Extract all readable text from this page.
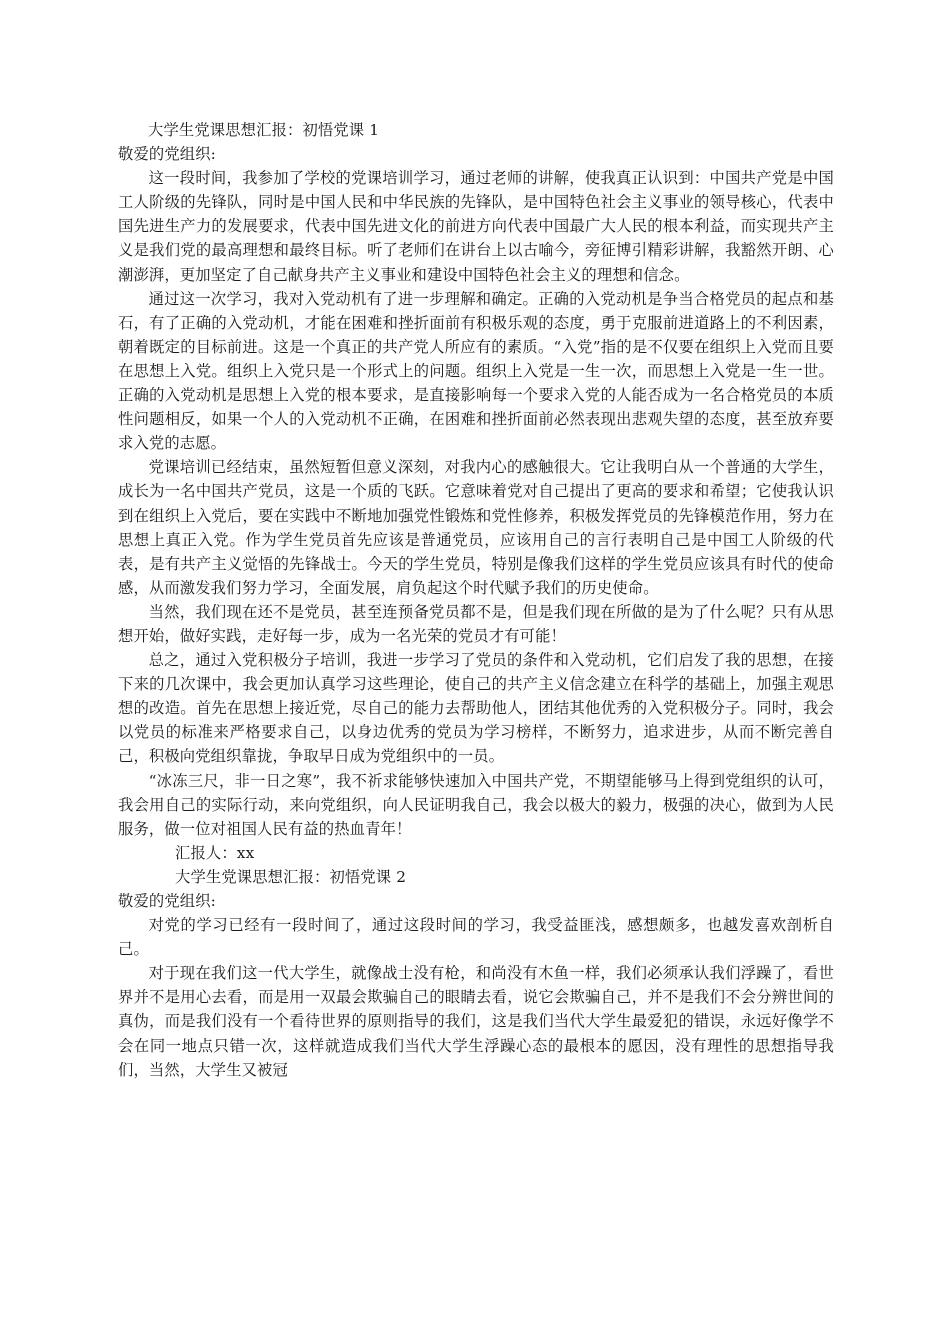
大学生党课思想汇报：初悟党课 1

敬爱的党组织:

这一段时间，我参加了学校的党课培训学习，通过老师的讲解，使我真正认识到：中国共产党是中国工人阶级的先锋队，同时是中国人民和中华民族的先锋队，是中国特色社会主义事业的领导核心，代表中国先进生产力的发展要求，代表中国先进文化的前进方向代表中国最广大人民的根本利益，而实现共产主义是我们党的最高理想和最终目标。听了老师们在讲台上以古喻今，旁征博引精彩讲解，我豁然开朗、心潮澎湃，更加坚定了自己献身共产主义事业和建设中国特色社会主义的理想和信念。

通过这一次学习，我对入党动机有了进一步理解和确定。正确的入党动机是争当合格党员的起点和基石，有了正确的入党动机，才能在困难和挫折面前有积极乐观的态度，勇于克服前进道路上的不利因素，朝着既定的目标前进。这是一个真正的共产党人所应有的素质。“入党”指的是不仅要在组织上入党而且要在思想上入党。组织上入党只是一个形式上的问题。组织上入党是一生一次，而思想上入党是一生一世。正确的入党动机是思想上入党的根本要求，是直接影响每一个要求入党的人能否成为一名合格党员的本质性问题相反，如果一个人的入党动机不正确，在困难和挫折面前必然表现出悲观失望的态度，甚至放弃要求入党的志愿。

党课培训已经结束，虽然短暂但意义深刻，对我内心的感触很大。它让我明白从一个普通的大学生，成长为一名中国共产党员，这是一个质的飞跃。它意味着党对自己提出了更高的要求和希望；它使我认识到在组织上入党后，要在实践中不断地加强党性锻炼和党性修养，积极发挥党员的先锋模范作用，努力在思想上真正入党。作为学生党员首先应该是普通党员，应该用自己的言行表明自己是中国工人阶级的代表，是有共产主义觉悟的先锋战士。今天的学生党员，特别是像我们这样的学生党员应该具有时代的使命感，从而激发我们努力学习，全面发展，肩负起这个时代赋予我们的历史使命。

当然，我们现在还不是党员，甚至连预备党员都不是，但是我们现在所做的是为了什么呢？只有从思想开始，做好实践，走好每一步，成为一名光荣的党员才有可能！

总之，通过入党积极分子培训，我进一步学习了党员的条件和入党动机，它们启发了我的思想，在接下来的几次课中，我会更加认真学习这些理论，使自己的共产主义信念建立在科学的基础上，加强主观思想的改造。首先在思想上接近党，尽自己的能力去帮助他人，团结其他优秀的入党积极分子。同时，我会以党员的标准来严格要求自己，以身边优秀的党员为学习榜样，不断努力，追求进步，从而不断完善自己，积极向党组织靠拢，争取早日成为党组织中的一员。

“冰冻三尺，非一日之寒”，我不祈求能够快速加入中国共产党，不期望能够马上得到党组织的认可，我会用自己的实际行动，来向党组织，向人民证明我自己，我会以极大的毅力，极强的决心，做到为人民服务，做一位对祖国人民有益的热血青年！

汇报人：xx

大学生党课思想汇报：初悟党课 2

敬爱的党组织:

对党的学习已经有一段时间了，通过这段时间的学习，我受益匪浅，感想颇多，也越发喜欢剖析自己。

对于现在我们这一代大学生，就像战士没有枪，和尚没有木鱼一样，我们必须承认我们浮躁了，看世界并不是用心去看，而是用一双最会欺骗自己的眼睛去看，说它会欺骗自己，并不是我们不会分辨世间的真伪，而是我们没有一个看待世界的原则指导的我们，这是我们当代大学生最爱犯的错误，永远好像学不会在同一地点只错一次，这样就造成我们当代大学生浮躁心态的最根本的愿因，没有理性的思想指导我们，当然，大学生又被冠
